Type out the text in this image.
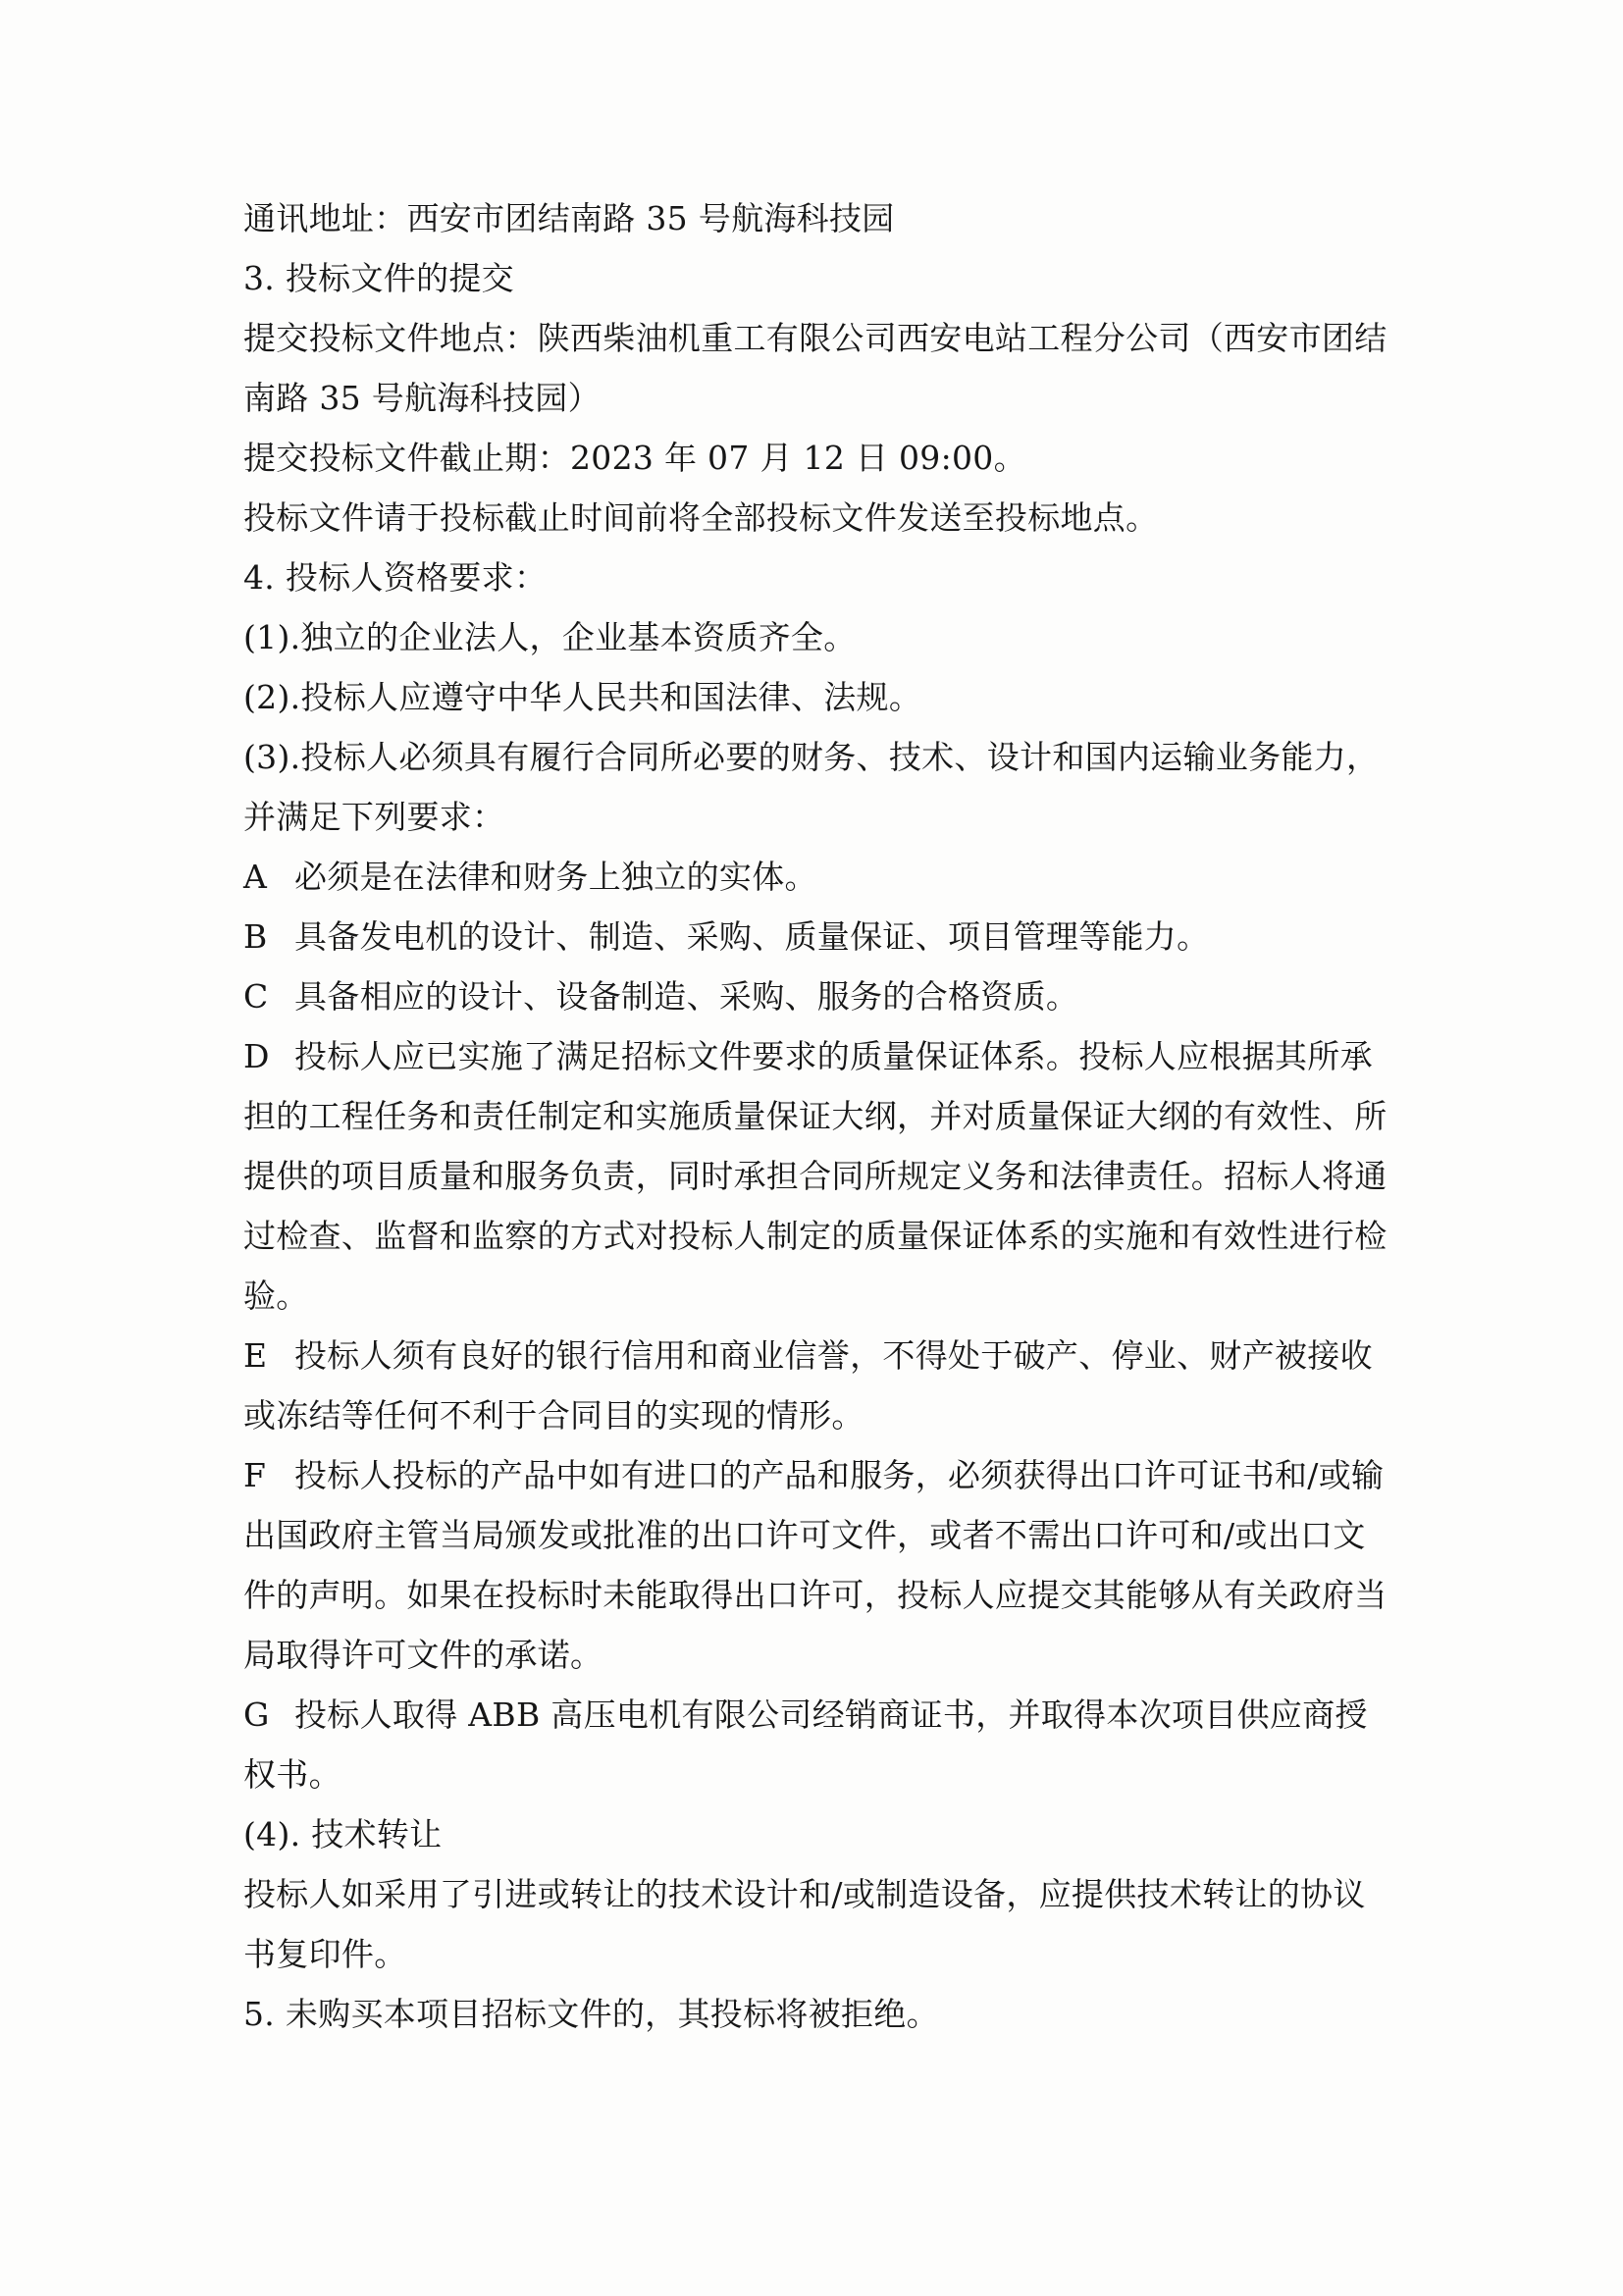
通讯地址：西安市团结南路 35 号航海科技园
3. 投标文件的提交
提交投标文件地点：陕西柴油机重工有限公司西安电站工程分公司（西安市团结
南路 35 号航海科技园）
提交投标文件截止期：2023 年 07 月 12 日 09:00。
投标文件请于投标截止时间前将全部投标文件发送至投标地点。
4. 投标人资格要求：
(1).独立的企业法人，企业基本资质齐全。
(2).投标人应遵守中华人民共和国法律、法规。
(3).投标人必须具有履行合同所必要的财务、技术、设计和国内运输业务能力，
并满足下列要求：
A 必须是在法律和财务上独立的实体。
B 具备发电机的设计、制造、采购、质量保证、项目管理等能力。
C 具备相应的设计、设备制造、采购、服务的合格资质。
D 投标人应已实施了满足招标文件要求的质量保证体系。投标人应根据其所承
担的工程任务和责任制定和实施质量保证大纲，并对质量保证大纲的有效性、所
提供的项目质量和服务负责，同时承担合同所规定义务和法律责任。招标人将通
过检查、监督和监察的方式对投标人制定的质量保证体系的实施和有效性进行检
验。
E 投标人须有良好的银行信用和商业信誉，不得处于破产、停业、财产被接收
或冻结等任何不利于合同目的实现的情形。
F 投标人投标的产品中如有进口的产品和服务，必须获得出口许可证书和/或输
出国政府主管当局颁发或批准的出口许可文件，或者不需出口许可和/或出口文
件的声明。如果在投标时未能取得出口许可，投标人应提交其能够从有关政府当
局取得许可文件的承诺。
G 投标人取得 ABB 高压电机有限公司经销商证书，并取得本次项目供应商授
权书。
(4). 技术转让
投标人如采用了引进或转让的技术设计和/或制造设备，应提供技术转让的协议
书复印件。
5. 未购买本项目招标文件的，其投标将被拒绝。
